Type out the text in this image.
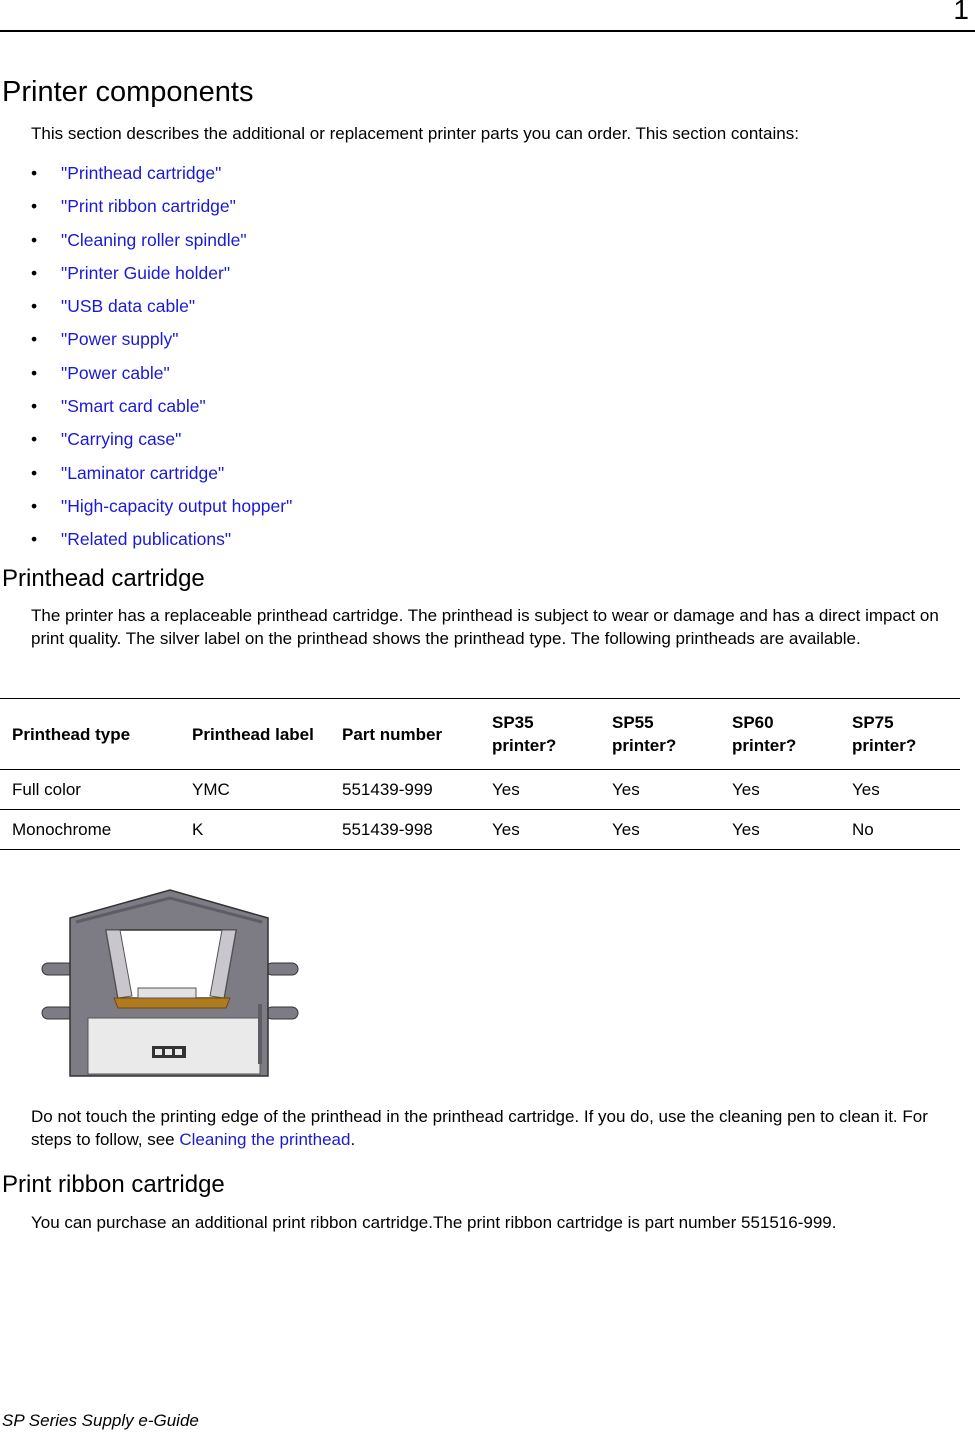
1
Printer components

This section describes the additional or replacement printer parts you can order. This section contains:

•	"Printhead cartridge"
•	"Print ribbon cartridge"
•	"Cleaning roller spindle"
•	"Printer Guide holder"
•	"USB data cable"
•	"Power supply"
•	"Power cable"
•	"Smart card cable"
•	"Carrying case"
•	"Laminator cartridge"
•	"High-capacity output hopper"
•	"Related publications"
Printhead cartridge

The printer has a replaceable printhead cartridge. The printhead is subject to wear or damage and has a direct impact on print quality. The silver label on the printhead shows the printhead type. The following printheads are available.

Printhead type	Printhead label	Part number	SP35 printer?	SP55 printer?	SP60 printer?	SP75 printer?
Full color	YMC	551439-999	Yes	Yes	Yes	Yes
Monochrome	K	551439-998	Yes	Yes	Yes	No

Do not touch the printing edge of the printhead in the printhead cartridge. If you do, use the cleaning pen to clean it. For steps to follow, see Cleaning the printhead.

Print ribbon cartridge

You can purchase an additional print ribbon cartridge.The print ribbon cartridge is part number 551516-999.

SP Series Supply e-Guide
